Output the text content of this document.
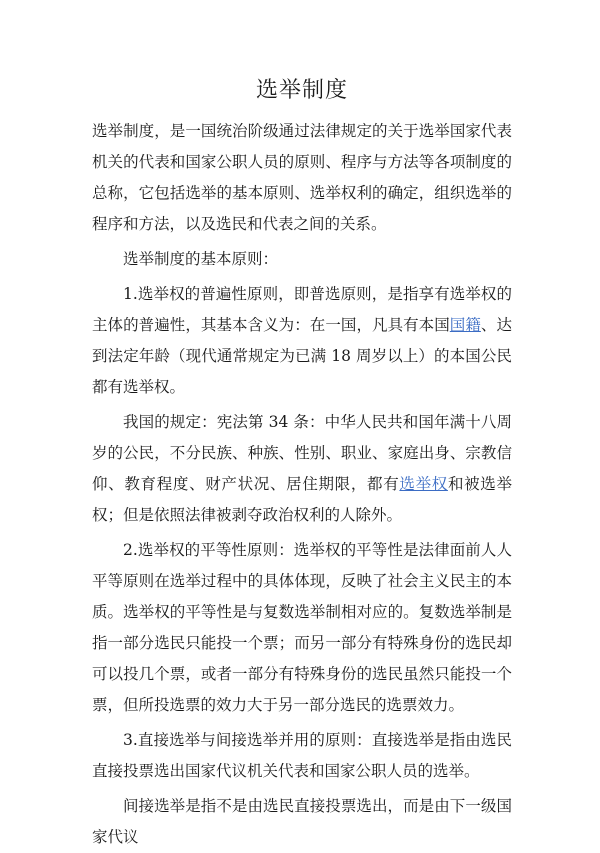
选举制度

选举制度，是一国统治阶级通过法律规定的关于选举国家代表机关的代表和国家公职人员的原则、程序与方法等各项制度的总称，它包括选举的基本原则、选举权利的确定，组织选举的程序和方法，以及选民和代表之间的关系。

选举制度的基本原则：

1.选举权的普遍性原则，即普选原则，是指享有选举权的主体的普遍性，其基本含义为：在一国，凡具有本国国籍、达到法定年龄（现代通常规定为已满 18 周岁以上）的本国公民都有选举权。

我国的规定：宪法第 34 条：中华人民共和国年满十八周岁的公民，不分民族、种族、性别、职业、家庭出身、宗教信仰、教育程度、财产状况、居住期限，都有选举权和被选举权；但是依照法律被剥夺政治权利的人除外。

2.选举权的平等性原则：选举权的平等性是法律面前人人平等原则在选举过程中的具体体现，反映了社会主义民主的本质。选举权的平等性是与复数选举制相对应的。复数选举制是指一部分选民只能投一个票；而另一部分有特殊身份的选民却可以投几个票，或者一部分有特殊身份的选民虽然只能投一个票，但所投选票的效力大于另一部分选民的选票效力。

3.直接选举与间接选举并用的原则：直接选举是指由选民直接投票选出国家代议机关代表和国家公职人员的选举。

间接选举是指不是由选民直接投票选出，而是由下一级国家代议
